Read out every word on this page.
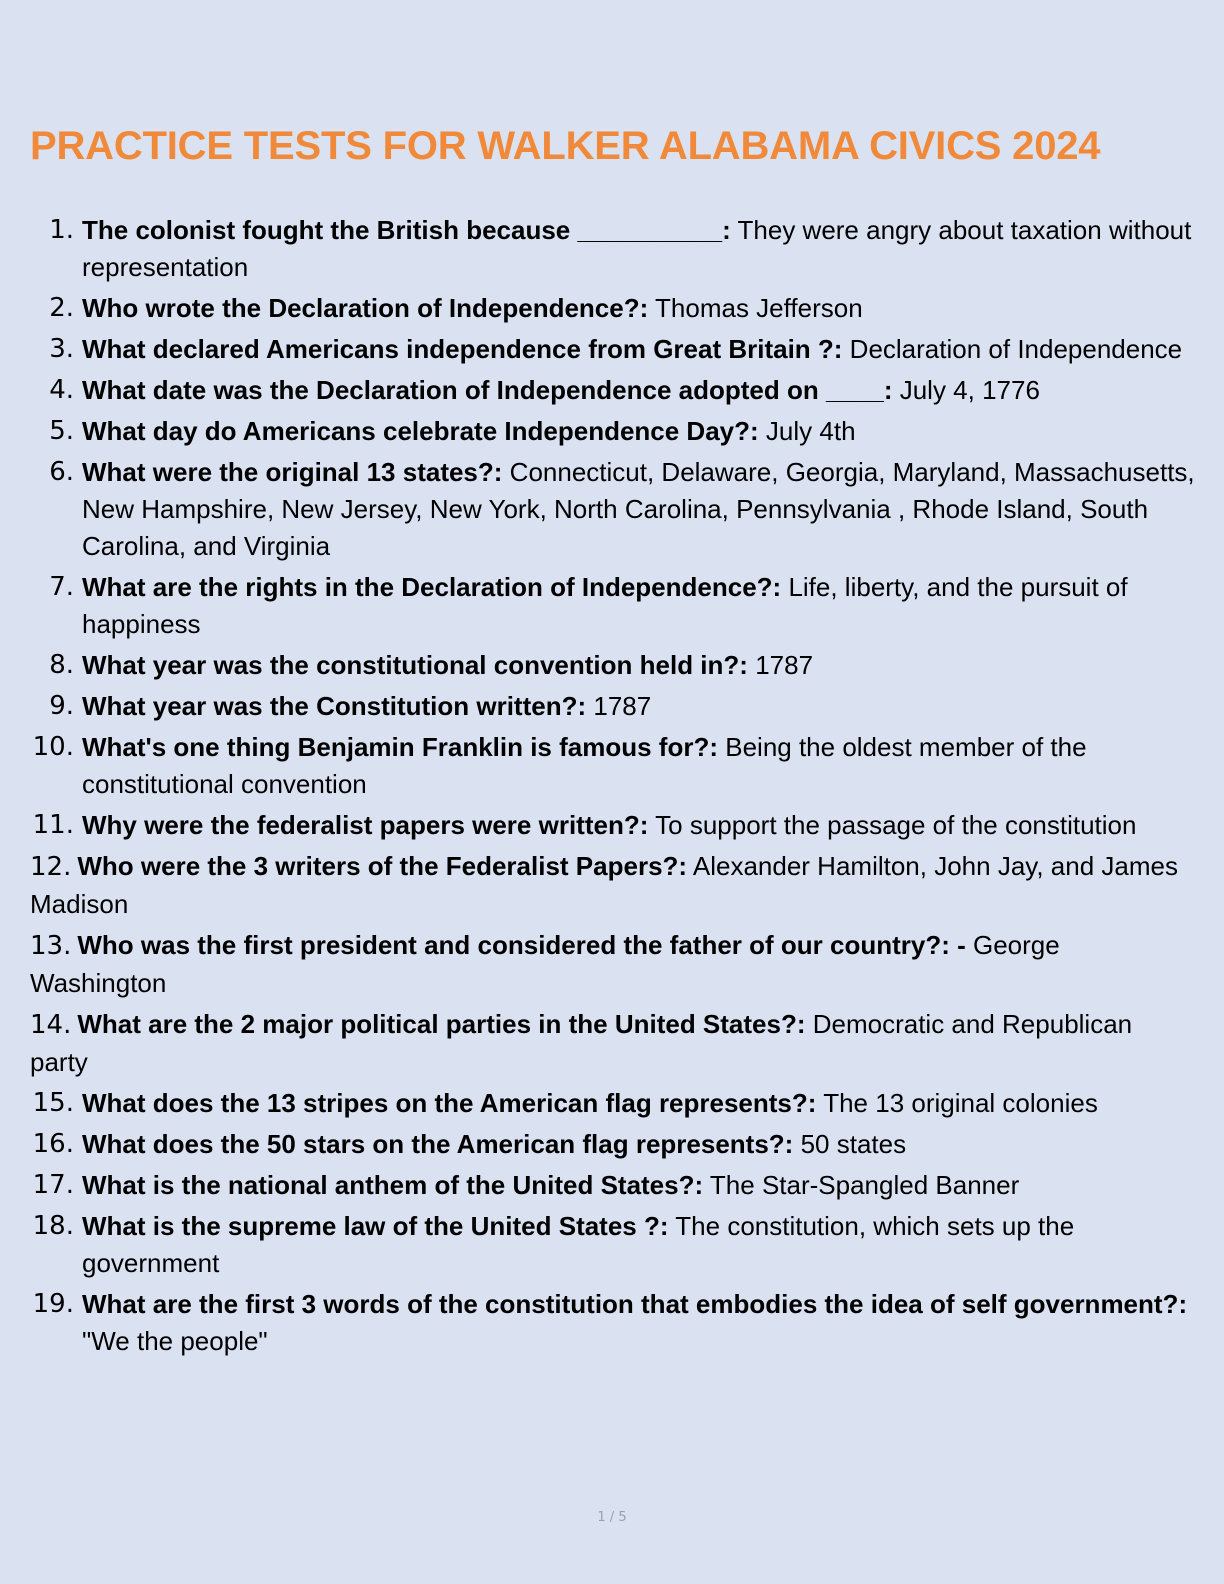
PRACTICE TESTS FOR WALKER ALABAMA CIVICS 2024
1. The colonist fought the British because __________: They were angry about taxation without representation
2. Who wrote the Declaration of Independence?: Thomas Jefferson
3. What declared Americans independence from Great Britain ?: Declaration of Independence
4. What date was the Declaration of Independence adopted on ____: July 4, 1776
5. What day do Americans celebrate Independence Day?: July 4th
6. What were the original 13 states?: Connecticut, Delaware, Georgia, Maryland, Massachusetts, New Hampshire, New Jersey, New York, North Carolina, Pennsylvania , Rhode Island, South Carolina, and Virginia
7. What are the rights in the Declaration of Independence?: Life, liberty, and the pursuit of happiness
8. What year was the constitutional convention held in?: 1787
9. What year was the Constitution written?: 1787
10. What's one thing Benjamin Franklin is famous for?: Being the oldest member of the constitutional convention
11. Why were the federalist papers were written?: To support the passage of the constitution
12. Who were the 3 writers of the Federalist Papers?: Alexander Hamilton, John Jay, and James Madison
13. Who was the first president and considered the father of our country?: - George Washington
14. What are the 2 major political parties in the United States?: Democratic and Republican party
15. What does the 13 stripes on the American flag represents?: The 13 original colonies
16. What does the 50 stars on the American flag represents?: 50 states
17. What is the national anthem of the United States?: The Star-Spangled Banner
18. What is the supreme law of the United States ?: The constitution, which sets up the government
19. What are the first 3 words of the constitution that embodies the idea of self government?: "We the people"
1 / 5
